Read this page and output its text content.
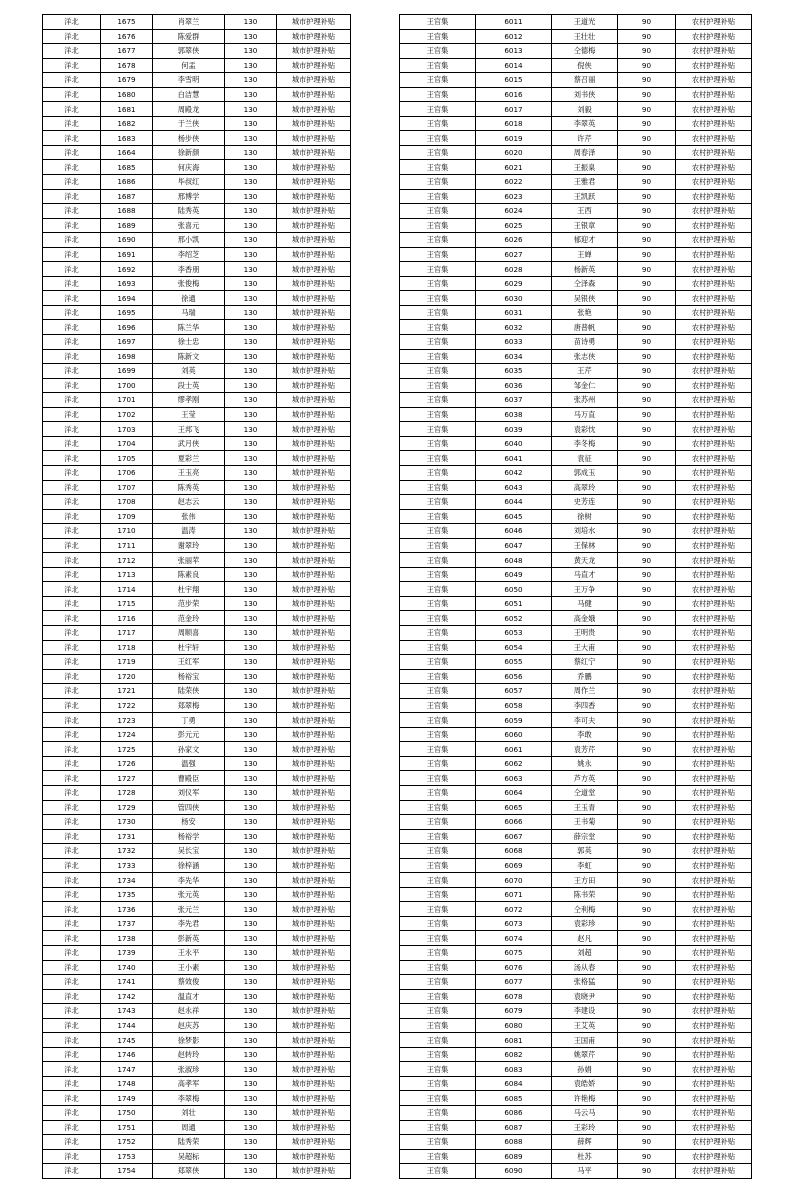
洋北	1675	肖翠兰	130	城市护理补贴
洋北	1676	陈爱群	130	城市护理补贴
洋北	1677	郭翠侠	130	城市护理补贴
洋北	1678	何盂	130	城市护理补贴
洋北	1679	李雪明	130	城市护理补贴
洋北	1680	白洁慧	130	城市护理补贴
洋北	1681	周殿龙	130	城市护理补贴
洋北	1682	于兰侠	130	城市护理补贴
洋北	1683	杨步侠	130	城市护理补贴
洋北	1664	徐新颜	130	城市护理补贴
洋北	1685	何庆海	130	城市护理补贴
洋北	1686	毕叔红	130	城市护理补贴
洋北	1687	邢博学	130	城市护理补贴
洋北	1688	陆秀英	130	城市护理补贴
洋北	1689	张喜元	130	城市护理补贴
洋北	1690	邢小凯	130	城市护理补贴
洋北	1691	李绍芝	130	城市护理补贴
洋北	1692	李香朋	130	城市护理补贴
洋北	1693	张俊梅	130	城市护理补贴
洋北	1694	徐通	130	城市护理补贴
洋北	1695	马瑞	130	城市护理补贴
洋北	1696	陈兰华	130	城市护理补贴
洋北	1697	徐士忠	130	城市护理补贴
洋北	1698	陈新文	130	城市护理补贴
洋北	1699	刘英	130	城市护理补贴
洋北	1700	段士英	130	城市护理补贴
洋北	1701	缪孝刚	130	城市护理补贴
洋北	1702	王莹	130	城市护理补贴
洋北	1703	王邦飞	130	城市护理补贴
洋北	1704	武月侠	130	城市护理补贴
洋北	1705	夏彩兰	130	城市护理补贴
洋北	1706	王玉亮	130	城市护理补贴
洋北	1707	陈秀英	130	城市护理补贴
洋北	1708	赵志云	130	城市护理补贴
洋北	1709	张伟	130	城市护理补贴
洋北	1710	温涛	130	城市护理补贴
洋北	1711	谢翠玲	130	城市护理补贴
洋北	1712	张丽苹	130	城市护理补贴
洋北	1713	陈素良	130	城市护理补贴
洋北	1714	杜宇翔	130	城市护理补贴
洋北	1715	范步荣	130	城市护理补贴
洋北	1716	范金玲	130	城市护理补贴
洋北	1717	周顺喜	130	城市护理补贴
洋北	1718	杜宇轩	130	城市护理补贴
洋北	1719	王红军	130	城市护理补贴
洋北	1720	杨裕宝	130	城市护理补贴
洋北	1721	陆荣侠	130	城市护理补贴
洋北	1722	郑翠梅	130	城市护理补贴
洋北	1723	丁勇	130	城市护理补贴
洋北	1724	彭元元	130	城市护理补贴
洋北	1725	孙家文	130	城市护理补贴
洋北	1726	温强	130	城市护理补贴
洋北	1727	曹殿臣	130	城市护理补贴
洋北	1728	刘仪军	130	城市护理补贴
洋北	1729	管四侠	130	城市护理补贴
洋北	1730	杨安	130	城市护理补贴
洋北	1731	杨裕学	130	城市护理补贴
洋北	1732	吴长宝	130	城市护理补贴
洋北	1733	徐梓涵	130	城市护理补贴
洋北	1734	李先华	130	城市护理补贴
洋北	1735	张元英	130	城市护理补贴
洋北	1736	张元兰	130	城市护理补贴
洋北	1737	李先君	130	城市护理补贴
洋北	1738	彭新英	130	城市护理补贴
洋北	1739	王永平	130	城市护理补贴
洋北	1740	王小素	130	城市护理补贴
洋北	1741	蔡效俊	130	城市护理补贴
洋北	1742	温直才	130	城市护理补贴
洋北	1743	赵永祥	130	城市护理补贴
洋北	1744	赵庆苏	130	城市护理补贴
洋北	1745	徐梦影	130	城市护理补贴
洋北	1746	赵转玲	130	城市护理补贴
洋北	1747	张淑珍	130	城市护理补贴
洋北	1748	高孝军	130	城市护理补贴
洋北	1749	李翠梅	130	城市护理补贴
洋北	1750	刘壮	130	城市护理补贴
洋北	1751	周通	130	城市护理补贴
洋北	1752	陆秀荣	130	城市护理补贴
洋北	1753	吴超标	130	城市护理补贴
洋北	1754	郑翠侠	130	城市护理补贴
王官集	6011	王道光	90	农村护理补贴
王官集	6012	王壮壮	90	农村护理补贴
王官集	6013	仝德梅	90	农村护理补贴
王官集	6014	倪侠	90	农村护理补贴
王官集	6015	蔡召丽	90	农村护理补贴
王官集	6016	刘书侠	90	农村护理补贴
王官集	6017	刘毅	90	农村护理补贴
王官集	6018	李翠英	90	农村护理补贴
王官集	6019	许芹	90	农村护理补贴
王官集	6020	周春泽	90	农村护理补贴
王官集	6021	王振臬	90	农村护理补贴
王官集	6022	王雅君	90	农村护理补贴
王官集	6023	王凯跃	90	农村护理补贴
王官集	6024	王西	90	农村护理补贴
王官集	6025	王银章	90	农村护理补贴
王官集	6026	郁迎才	90	农村护理补贴
王官集	6027	王婵	90	农村护理补贴
王官集	6028	杨新英	90	农村护理补贴
王官集	6029	仝泽森	90	农村护理补贴
王官集	6030	吴银侠	90	农村护理补贴
王官集	6031	张艳	90	农村护理补贴
王官集	6032	唐普帆	90	农村护理补贴
王官集	6033	苗诗勇	90	农村护理补贴
王官集	6034	张志侠	90	农村护理补贴
王官集	6035	王芹	90	农村护理补贴
王官集	6036	邹金仁	90	农村护理补贴
王官集	6037	张苏州	90	农村护理补贴
王官集	6038	马万直	90	农村护理补贴
王官集	6039	袁彩忱	90	农村护理补贴
王官集	6040	李冬梅	90	农村护理补贴
王官集	6041	袁征	90	农村护理补贴
王官集	6042	郭成玉	90	农村护理补贴
王官集	6043	高翠玲	90	农村护理补贴
王官集	6044	史芳连	90	农村护理补贴
王官集	6045	徐树	90	农村护理补贴
王官集	6046	刘培水	90	农村护理补贴
王官集	6047	王保林	90	农村护理补贴
王官集	6048	黄天龙	90	农村护理补贴
王官集	6049	马直才	90	农村护理补贴
王官集	6050	王万争	90	农村护理补贴
王官集	6051	马健	90	农村护理补贴
王官集	6052	高金娥	90	农村护理补贴
王官集	6053	王明贵	90	农村护理补贴
王官集	6054	王大甫	90	农村护理补贴
王官集	6055	蔡红宁	90	农村护理补贴
王官集	6056	乔鹏	90	农村护理补贴
王官集	6057	周作兰	90	农村护理补贴
王官集	6058	李四香	90	农村护理补贴
王官集	6059	李可夫	90	农村护理补贴
王官集	6060	李敢	90	农村护理补贴
王官集	6061	袁芳芹	90	农村护理补贴
王官集	6062	姚永	90	农村护理补贴
王官集	6063	芦方英	90	农村护理补贴
王官集	6064	仝道堂	90	农村护理补贴
王官集	6065	王玉青	90	农村护理补贴
王官集	6066	王书菊	90	农村护理补贴
王官集	6067	薛宗堂	90	农村护理补贴
王官集	6068	郭英	90	农村护理补贴
王官集	6069	李虹	90	农村护理补贴
王官集	6070	王方田	90	农村护理补贴
王官集	6071	陈书荣	90	农村护理补贴
王官集	6072	仝利梅	90	农村护理补贴
王官集	6073	袁彩珍	90	农村护理补贴
王官集	6074	赵凡	90	农村护理补贴
王官集	6075	刘超	90	农村护理补贴
王官集	6076	汤从春	90	农村护理补贴
王官集	6077	张格猛	90	农村护理补贴
王官集	6078	袁晓尹	90	农村护理补贴
王官集	6079	李建设	90	农村护理补贴
王官集	6080	王艾英	90	农村护理补贴
王官集	6081	王国甫	90	农村护理补贴
王官集	6082	姚翠芹	90	农村护理补贴
王官集	6083	孙娟	90	农村护理补贴
王官集	6084	袁皓娇	90	农村护理补贴
王官集	6085	许艳梅	90	农村护理补贴
王官集	6086	马云马	90	农村护理补贴
王官集	6087	王彩玲	90	农村护理补贴
王官集	6088	薛辉	90	农村护理补贴
王官集	6089	杜苏	90	农村护理补贴
王官集	6090	马平	90	农村护理补贴
